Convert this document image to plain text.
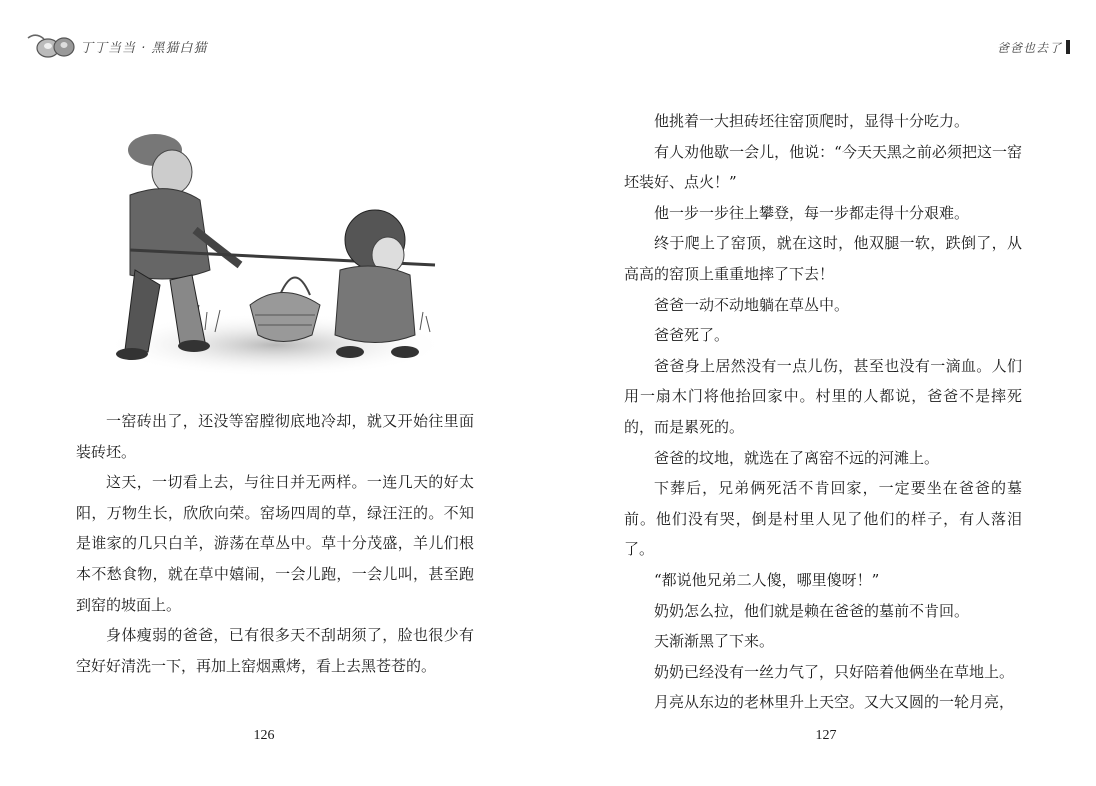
丁丁当当 · 黑猫白猫

一窑砖出了，还没等窑膛彻底地冷却，就又开始往里面装砖坯。

这天，一切看上去，与往日并无两样。一连几天的好太阳，万物生长，欣欣向荣。窑场四周的草，绿汪汪的。不知是谁家的几只白羊，游荡在草丛中。草十分茂盛，羊儿们根本不愁食物，就在草中嬉闹，一会儿跑，一会儿叫，甚至跑到窑的坡面上。

身体瘦弱的爸爸，已有很多天不刮胡须了，脸也很少有空好好清洗一下，再加上窑烟熏烤，看上去黑苍苍的。

126
爸爸也去了

他挑着一大担砖坯往窑顶爬时，显得十分吃力。

有人劝他歇一会儿，他说：“今天天黑之前必须把这一窑坯装好、点火！”

他一步一步往上攀登，每一步都走得十分艰难。

终于爬上了窑顶，就在这时，他双腿一软，跌倒了，从高高的窑顶上重重地摔了下去！

爸爸一动不动地躺在草丛中。

爸爸死了。

爸爸身上居然没有一点儿伤，甚至也没有一滴血。人们用一扇木门将他抬回家中。村里的人都说，爸爸不是摔死的，而是累死的。

爸爸的坟地，就选在了离窑不远的河滩上。

下葬后，兄弟俩死活不肯回家，一定要坐在爸爸的墓前。他们没有哭，倒是村里人见了他们的样子，有人落泪了。

“都说他兄弟二人傻，哪里傻呀！”

奶奶怎么拉，他们就是赖在爸爸的墓前不肯回。

天渐渐黑了下来。

奶奶已经没有一丝力气了，只好陪着他俩坐在草地上。

月亮从东边的老林里升上天空。又大又圆的一轮月亮，

127
